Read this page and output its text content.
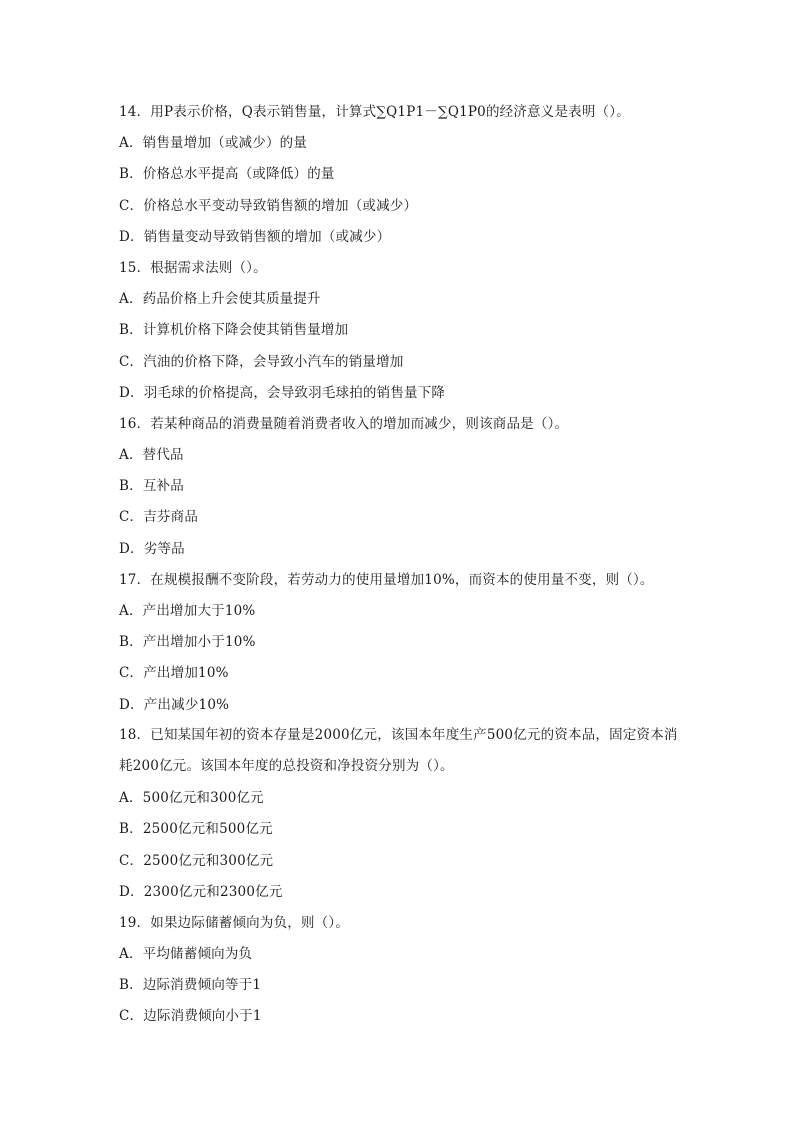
14．用P表示价格，Q表示销售量，计算式∑Q1P1－∑Q1P0的经济意义是表明（）。
A．销售量增加（或减少）的量
B．价格总水平提高（或降低）的量
C．价格总水平变动导致销售额的增加（或减少）
D．销售量变动导致销售额的增加（或减少）
15．根据需求法则（）。
A．药品价格上升会使其质量提升
B．计算机价格下降会使其销售量增加
C．汽油的价格下降，会导致小汽车的销量增加
D．羽毛球的价格提高，会导致羽毛球拍的销售量下降
16．若某种商品的消费量随着消费者收入的增加而减少，则该商品是（）。
A．替代品
B．互补品
C．吉芬商品
D．劣等品
17．在规模报酬不变阶段，若劳动力的使用量增加10%，而资本的使用量不变，则（）。
A．产出增加大于10%
B．产出增加小于10%
C．产出增加10%
D．产出减少10%
18．已知某国年初的资本存量是2000亿元，该国本年度生产500亿元的资本品，固定资本消耗200亿元。该国本年度的总投资和净投资分别为（）。
A．500亿元和300亿元
B．2500亿元和500亿元
C．2500亿元和300亿元
D．2300亿元和2300亿元
19．如果边际储蓄倾向为负，则（）。
A．平均储蓄倾向为负
B．边际消费倾向等于1
C．边际消费倾向小于1
